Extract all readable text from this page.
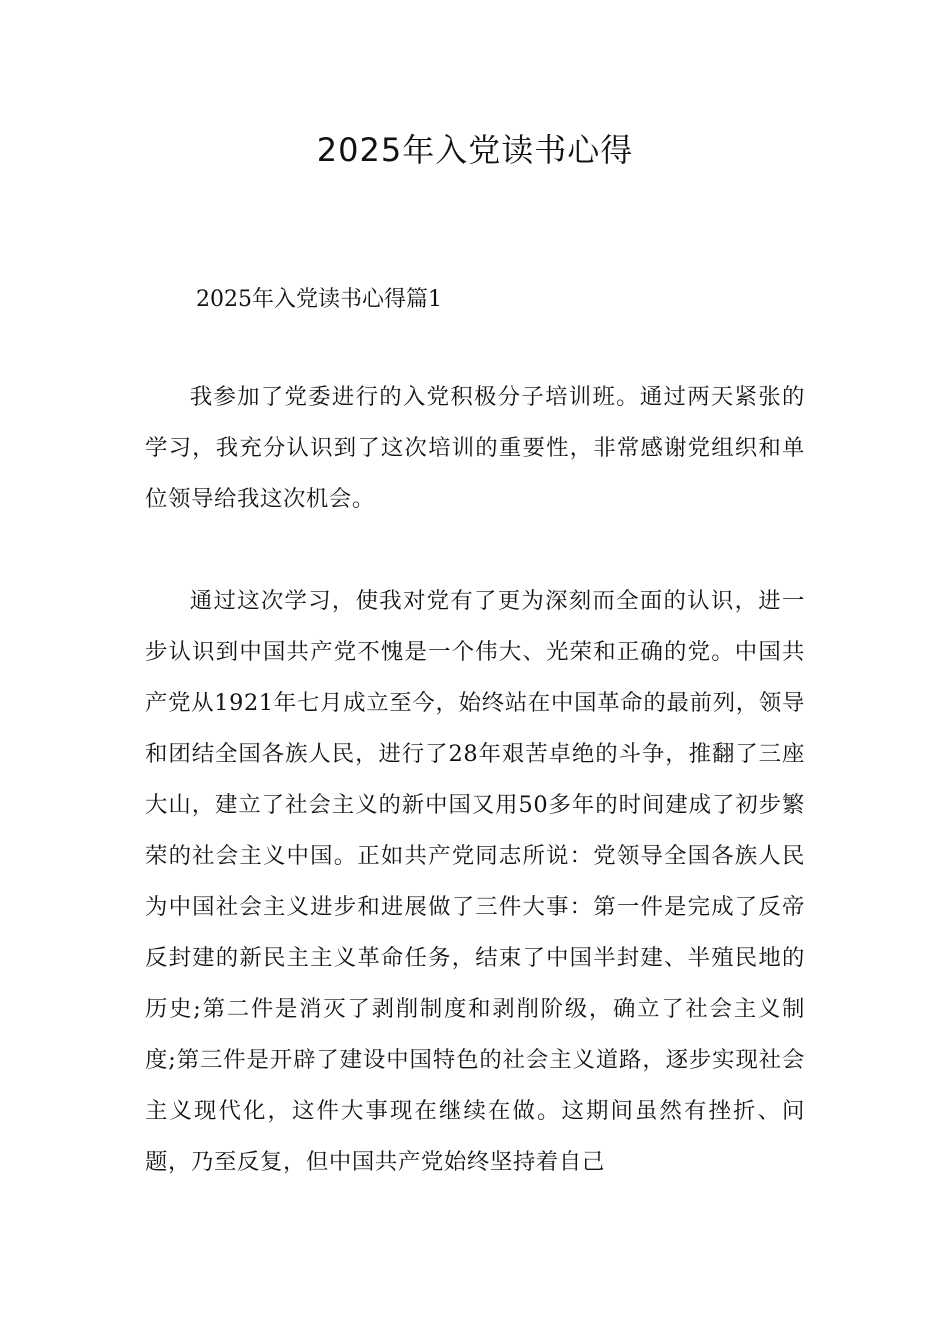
2025年入党读书心得
2025年入党读书心得篇1

我参加了党委进行的入党积极分子培训班。通过两天紧张的学习，我充分认识到了这次培训的重要性，非常感谢党组织和单位领导给我这次机会。

通过这次学习，使我对党有了更为深刻而全面的认识，进一步认识到中国共产党不愧是一个伟大、光荣和正确的党。中国共产党从1921年七月成立至今，始终站在中国革命的最前列，领导和团结全国各族人民，进行了28年艰苦卓绝的斗争，推翻了三座大山，建立了社会主义的新中国又用50多年的时间建成了初步繁荣的社会主义中国。正如共产党同志所说：党领导全国各族人民为中国社会主义进步和进展做了三件大事：第一件是完成了反帝反封建的新民主主义革命任务，结束了中国半封建、半殖民地的历史;第二件是消灭了剥削制度和剥削阶级，确立了社会主义制度;第三件是开辟了建设中国特色的社会主义道路，逐步实现社会主义现代化，这件大事现在继续在做。这期间虽然有挫折、问题，乃至反复，但中国共产党始终坚持着自己
